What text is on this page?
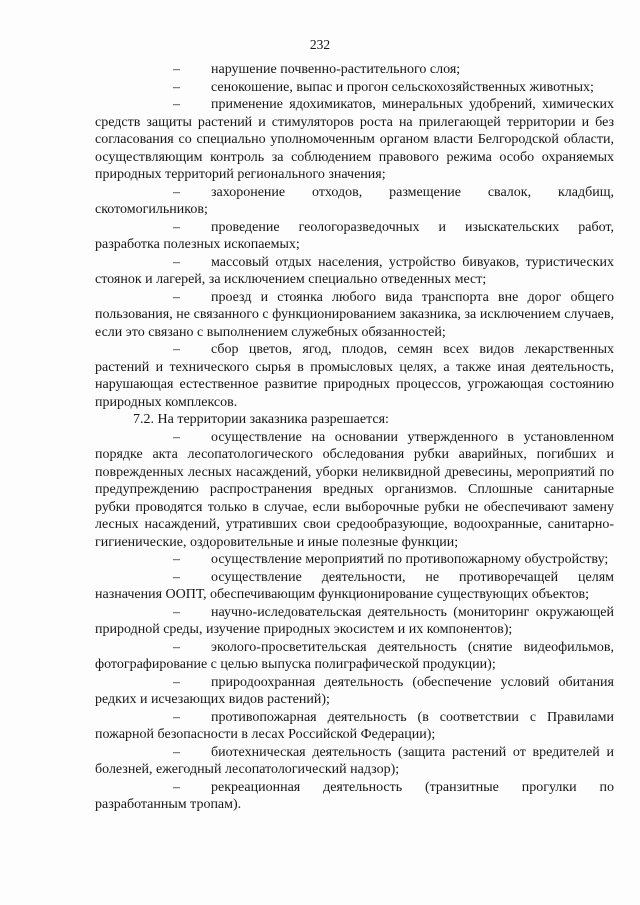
232

– нарушение почвенно-растительного слоя;

– сенокошение, выпас и прогон сельскохозяйственных животных;

– применение ядохимикатов, минеральных удобрений, химических средств защиты растений и стимуляторов роста на прилегающей территории и без согласования со специально уполномоченным органом власти Белгородской области, осуществляющим контроль за соблюдением правового режима особо охраняемых природных территорий регионального значения;

– захоронение отходов, размещение свалок, кладбищ, скотомогильников;

– проведение геологоразведочных и изыскательских работ, разработка полезных ископаемых;

– массовый отдых населения, устройство бивуаков, туристических стоянок и лагерей, за исключением специально отведенных мест;

– проезд и стоянка любого вида транспорта вне дорог общего пользования, не связанного с функционированием заказника, за исключением случаев, если это связано с выполнением служебных обязанностей;

– сбор цветов, ягод, плодов, семян всех видов лекарственных растений и технического сырья в промысловых целях, а также иная деятельность, нарушающая естественное развитие природных процессов, угрожающая состоянию природных комплексов.

7.2. На территории заказника разрешается:

– осуществление на основании утвержденного в установленном порядке акта лесопатологического обследования рубки аварийных, погибших и поврежденных лесных насаждений, уборки неликвидной древесины, мероприятий по предупреждению распространения вредных организмов. Сплошные санитарные рубки проводятся только в случае, если выборочные рубки не обеспечивают замену лесных насаждений, утративших свои средообразующие, водоохранные, санитарно-гигиенические, оздоровительные и иные полезные функции;

– осуществление мероприятий по противопожарному обустройству;

– осуществление деятельности, не противоречащей целям назначения ООПТ, обеспечивающим функционирование существующих объектов;

– научно-иследовательская деятельность (мониторинг окружающей природной среды, изучение природных экосистем и их компонентов);

– эколого-просветительская деятельность (снятие видеофильмов, фотографирование с целью выпуска полиграфической продукции);

– природоохранная деятельность (обеспечение условий обитания редких и исчезающих видов растений);

– противопожарная деятельность (в соответствии с Правилами пожарной безопасности в лесах Российской Федерации);

– биотехническая деятельность (защита растений от вредителей и болезней, ежегодный лесопатологический надзор);

– рекреационная деятельность (транзитные прогулки по разработанным тропам).
